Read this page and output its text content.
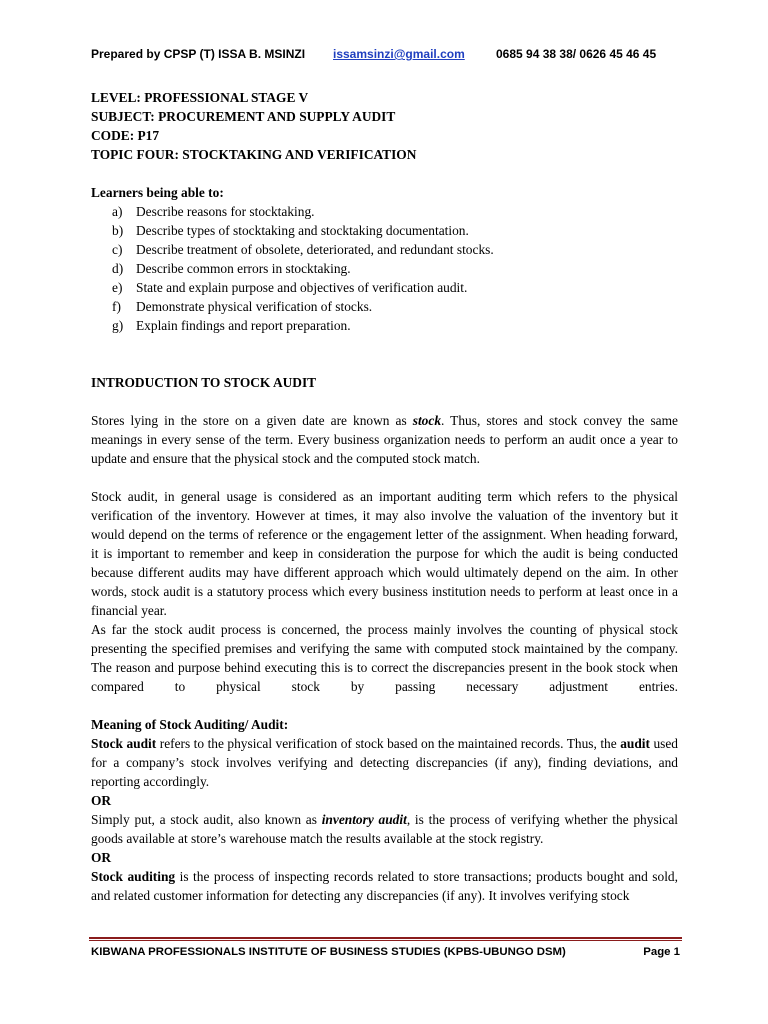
Prepared by CPSP (T) ISSA B. MSINZI issamsinzi@gmail.com	0685 94 38 38/ 0626 45 46 45
LEVEL: PROFESSIONAL STAGE V
SUBJECT: PROCUREMENT AND SUPPLY AUDIT
CODE: P17
TOPIC FOUR: STOCKTAKING AND VERIFICATION
Learners being able to:
a) Describe reasons for stocktaking.
b) Describe types of stocktaking and stocktaking documentation.
c) Describe treatment of obsolete, deteriorated, and redundant stocks.
d) Describe common errors in stocktaking.
e) State and explain purpose and objectives of verification audit.
f) Demonstrate physical verification of stocks.
g) Explain findings and report preparation.
INTRODUCTION TO STOCK AUDIT

Stores lying in the store on a given date are known as stock. Thus, stores and stock convey the same meanings in every sense of the term. Every business organization needs to perform an audit once a year to update and ensure that the physical stock and the computed stock match.

Stock audit, in general usage is considered as an important auditing term which refers to the physical verification of the inventory. However at times, it may also involve the valuation of the inventory but it would depend on the terms of reference or the engagement letter of the assignment. When heading forward, it is important to remember and keep in consideration the purpose for which the audit is being conducted because different audits may have different approach which would ultimately depend on the aim. In other words, stock audit is a statutory process which every business institution needs to perform at least once in a financial year.

As far the stock audit process is concerned, the process mainly involves the counting of physical stock presenting the specified premises and verifying the same with computed stock maintained by the company. The reason and purpose behind executing this is to correct the discrepancies present in the book stock when compared to physical stock by passing necessary adjustment entries.

Meaning of Stock Auditing/ Audit:

Stock audit refers to the physical verification of stock based on the maintained records. Thus, the audit used for a company’s stock involves verifying and detecting discrepancies (if any), finding deviations, and reporting accordingly.

OR

Simply put, a stock audit, also known as inventory audit, is the process of verifying whether the physical goods available at store’s warehouse match the results available at the stock registry.

OR

Stock auditing is the process of inspecting records related to store transactions; products bought and sold, and related customer information for detecting any discrepancies (if any). It involves verifying stock

KIBWANA PROFESSIONALS INSTITUTE OF BUSINESS STUDIES (KPBS-UBUNGO DSM)	Page 1
